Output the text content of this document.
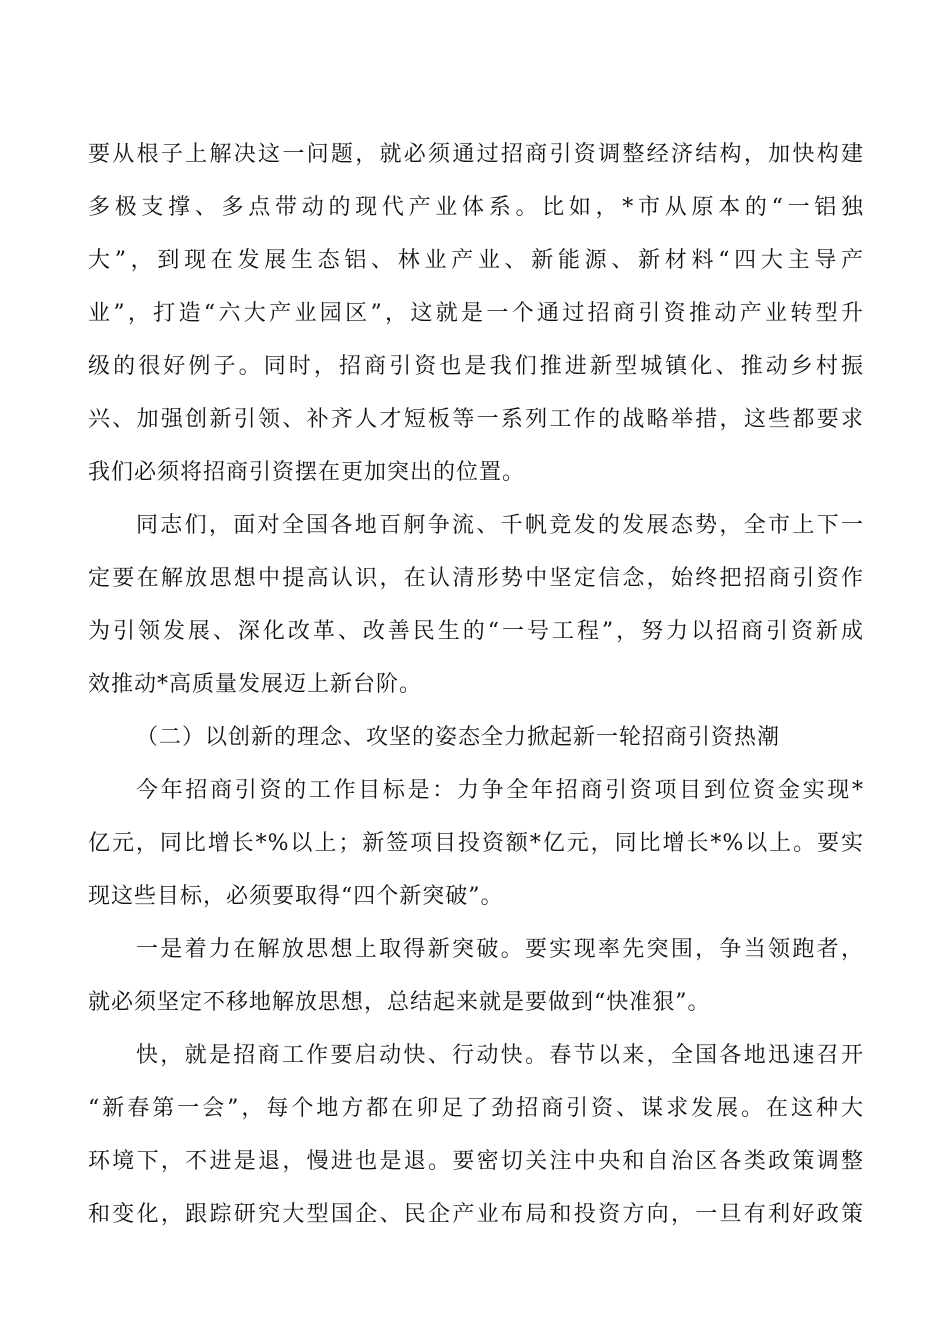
要从根子上解决这一问题，就必须通过招商引资调整经济结构，加快构建
多极支撑、多点带动的现代产业体系。比如，*市从原本的“一铝独
大”，到现在发展生态铝、林业产业、新能源、新材料“四大主导产
业”，打造“六大产业园区”，这就是一个通过招商引资推动产业转型升
级的很好例子。同时，招商引资也是我们推进新型城镇化、推动乡村振
兴、加强创新引领、补齐人才短板等一系列工作的战略举措，这些都要求
我们必须将招商引资摆在更加突出的位置。
同志们，面对全国各地百舸争流、千帆竞发的发展态势，全市上下一
定要在解放思想中提高认识，在认清形势中坚定信念，始终把招商引资作
为引领发展、深化改革、改善民生的“一号工程”，努力以招商引资新成
效推动*高质量发展迈上新台阶。
（二）以创新的理念、攻坚的姿态全力掀起新一轮招商引资热潮
今年招商引资的工作目标是：力争全年招商引资项目到位资金实现*
亿元，同比增长*%以上；新签项目投资额*亿元，同比增长*%以上。要实
现这些目标，必须要取得“四个新突破”。
一是着力在解放思想上取得新突破。要实现率先突围，争当领跑者，
就必须坚定不移地解放思想，总结起来就是要做到“快准狠”。
快，就是招商工作要启动快、行动快。春节以来，全国各地迅速召开
“新春第一会”，每个地方都在卯足了劲招商引资、谋求发展。在这种大
环境下，不进是退，慢进也是退。要密切关注中央和自治区各类政策调整
和变化，跟踪研究大型国企、民企产业布局和投资方向，一旦有利好政策
